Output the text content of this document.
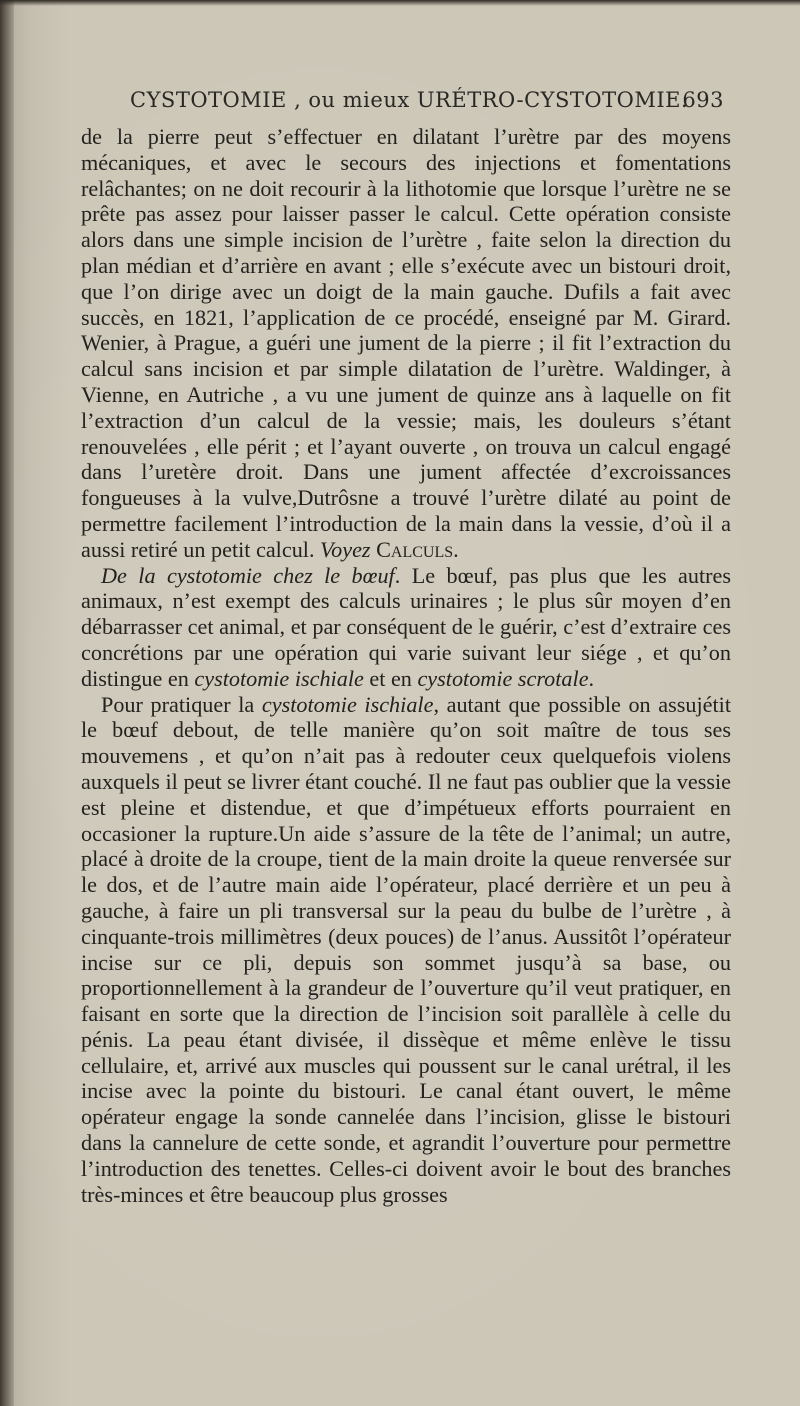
CYSTOTOMIE , ou mieux URÉTRO-CYSTOTOMIE.
693

de la pierre peut s’effectuer en dilatant l’urètre par des moyens mécaniques, et avec le secours des injections et fomentations relâchantes; on ne doit recourir à la lithotomie que lorsque l’urètre ne se prête pas assez pour laisser passer le calcul. Cette opération consiste alors dans une simple incision de l’urètre , faite selon la direction du plan médian et d’arrière en avant ; elle s’exécute avec un bistouri droit, que l’on dirige avec un doigt de la main gauche. Dufils a fait avec succès, en 1821, l’application de ce procédé, enseigné par M. Girard. Wenier, à Prague, a guéri une jument de la pierre ; il fit l’extraction du calcul sans incision et par simple dilatation de l’urètre. Waldinger, à Vienne, en Autriche , a vu une jument de quinze ans à laquelle on fit l’extraction d’un calcul de la vessie; mais, les douleurs s’étant renouvelées , elle périt ; et l’ayant ouverte , on trouva un calcul engagé dans l’uretère droit. Dans une jument affectée d’excroissances fongueuses à la vulve,Dutrôsne a trouvé l’urètre dilaté au point de permettre facilement l’introduction de la main dans la vessie, d’où il a aussi retiré un petit calcul. Voyez Calculs.

De la cystotomie chez le bœuf. Le bœuf, pas plus que les autres animaux, n’est exempt des calculs urinaires ; le plus sûr moyen d’en débarrasser cet animal, et par conséquent de le guérir, c’est d’extraire ces concrétions par une opération qui varie suivant leur siége , et qu’on distingue en cystotomie ischiale et en cystotomie scrotale.

Pour pratiquer la cystotomie ischiale, autant que possible on assujétit le bœuf debout, de telle manière qu’on soit maître de tous ses mouvemens , et qu’on n’ait pas à redouter ceux quelquefois violens auxquels il peut se livrer étant couché. Il ne faut pas oublier que la vessie est pleine et distendue, et que d’impétueux efforts pourraient en occasioner la rupture.Un aide s’assure de la tête de l’animal; un autre, placé à droite de la croupe, tient de la main droite la queue renversée sur le dos, et de l’autre main aide l’opérateur, placé derrière et un peu à gauche, à faire un pli transversal sur la peau du bulbe de l’urètre , à cinquante-trois millimètres (deux pouces) de l’anus. Aussitôt l’opérateur incise sur ce pli, depuis son sommet jusqu’à sa base, ou proportionnellement à la grandeur de l’ouverture qu’il veut pratiquer, en faisant en sorte que la direction de l’incision soit parallèle à celle du pénis. La peau étant divisée, il dissèque et même enlève le tissu cellulaire, et, arrivé aux muscles qui poussent sur le canal urétral, il les incise avec la pointe du bistouri. Le canal étant ouvert, le même opérateur engage la sonde cannelée dans l’incision, glisse le bistouri dans la cannelure de cette sonde, et agrandit l’ouverture pour permettre l’introduction des tenettes. Celles-ci doivent avoir le bout des branches très-minces et être beaucoup plus grosses
